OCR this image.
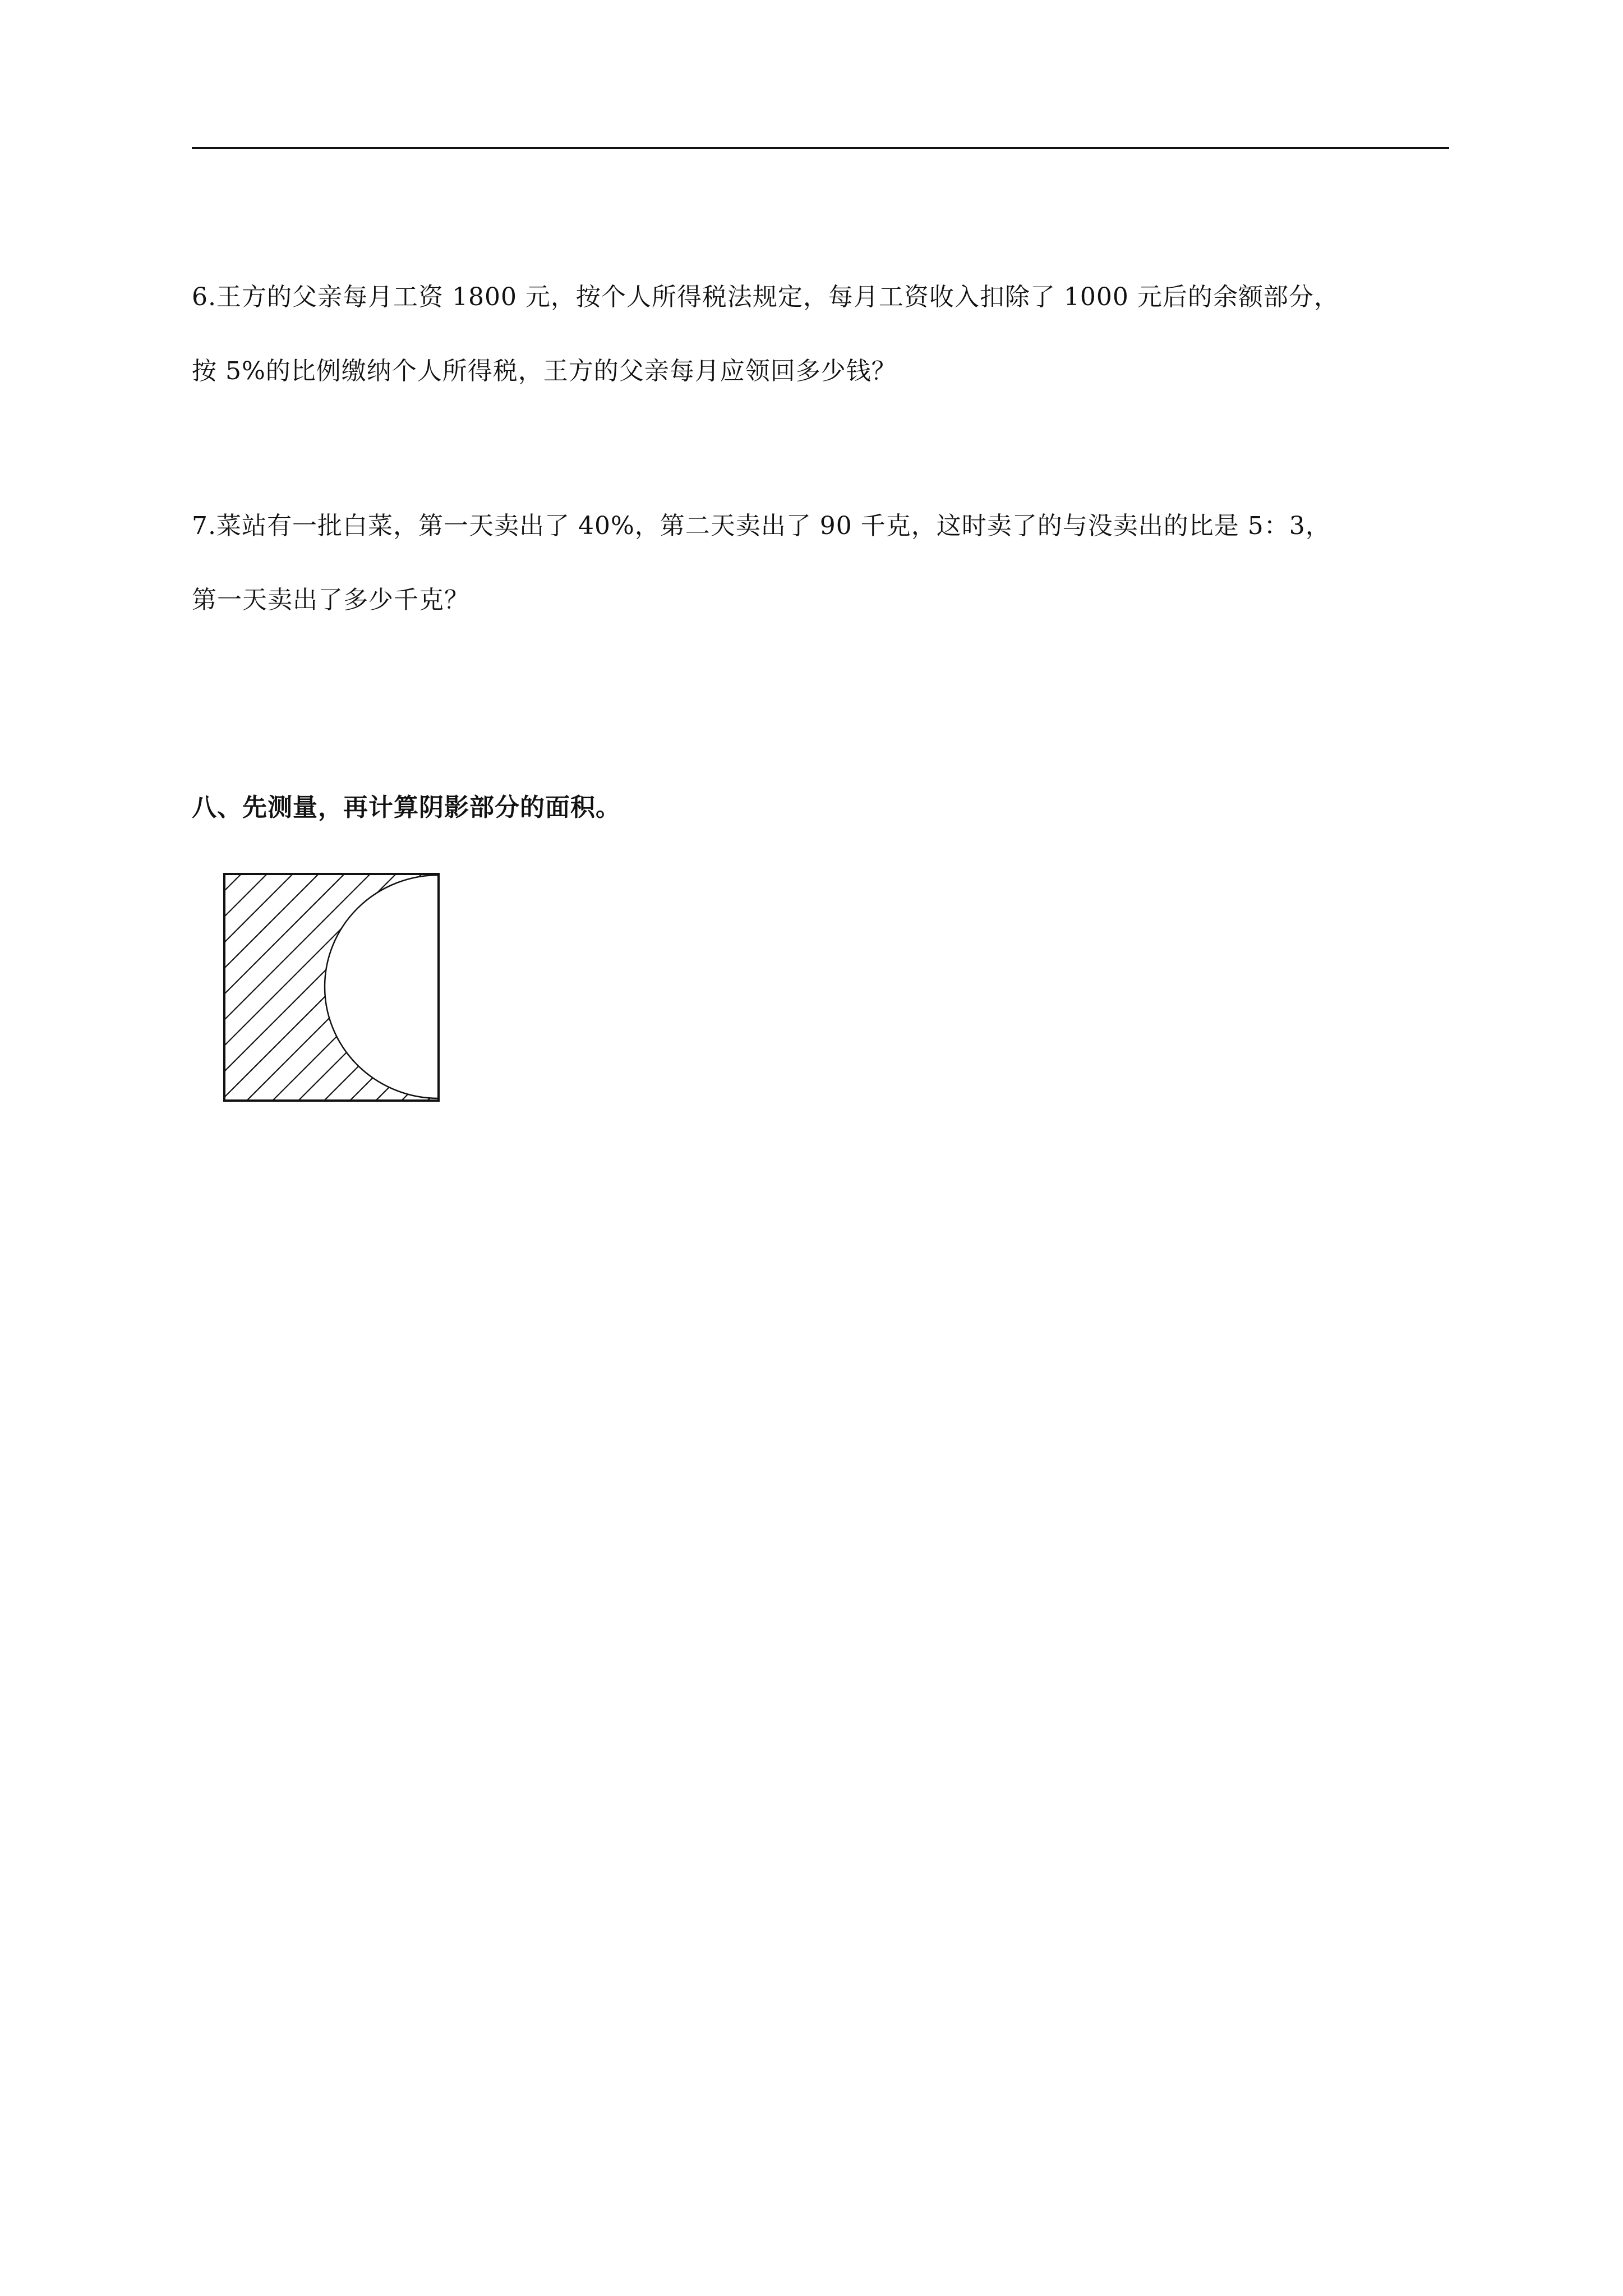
6.王方的父亲每月工资 1800 元，按个人所得税法规定，每月工资收入扣除了 1000 元后的余额部分，
按 5%的比例缴纳个人所得税，王方的父亲每月应领回多少钱？
7.菜站有一批白菜，第一天卖出了 40%，第二天卖出了 90 千克，这时卖了的与没卖出的比是 5：3，
第一天卖出了多少千克？
八、先测量，再计算阴影部分的面积。
